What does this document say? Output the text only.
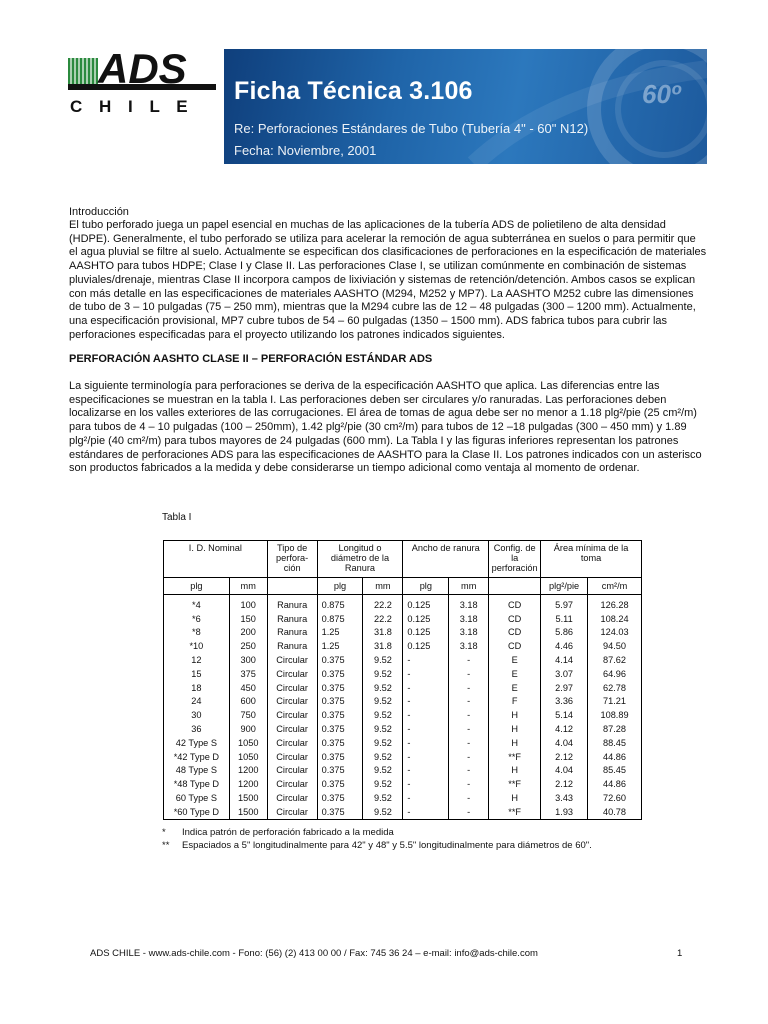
ADS
C H I L E
Ficha Técnica 3.106	60º
Re: Perforaciones Estándares de Tubo (Tubería 4" - 60" N12)
Fecha: Noviembre, 2001
Introducción
El tubo perforado juega un papel esencial en muchas de las aplicaciones de la tubería ADS de polietileno de alta densidad (HDPE). Generalmente, el tubo perforado se utiliza para acelerar la remoción de agua subterránea en suelos o para permitir que el agua pluvial se filtre al suelo. Actualmente se especifican dos clasificaciones de perforaciones en la especificación de materiales AASHTO para tubos HDPE; Clase I y Clase II. Las perforaciones Clase I, se utilizan comúnmente en combinación de sistemas pluviales/drenaje, mientras Clase II incorpora campos de lixiviación y sistemas de retención/detención. Ambos casos se explican con más detalle en las especificaciones de materiales AASHTO (M294, M252 y MP7). La AASHTO M252 cubre las dimensiones de tubo de 3 – 10 pulgadas (75 – 250 mm), mientras que la M294 cubre las de 12 – 48 pulgadas (300 – 1200 mm). Actualmente, una especificación provisional, MP7 cubre tubos de 54 – 60 pulgadas (1350 – 1500 mm). ADS fabrica tubos para cubrir las perforaciones especificadas para el proyecto utilizando los patrones indicados siguientes.
PERFORACIÓN AASHTO CLASE II – PERFORACIÓN ESTÁNDAR ADS
La siguiente terminología para perforaciones se deriva de la especificación AASHTO que aplica. Las diferencias entre las especificaciones se muestran en la tabla I. Las perforaciones deben ser circulares y/o ranuradas. Las perforaciones deben localizarse en los valles exteriores de las corrugaciones. El área de tomas de agua debe ser no menor a 1.18 plg²/pie (25 cm²/m) para tubos de 4 – 10 pulgadas (100 – 250mm), 1.42 plg²/pie (30 cm²/m) para tubos de 12 –18 pulgadas (300 – 450 mm) y 1.89 plg²/pie (40 cm²/m) para tubos mayores de 24 pulgadas (600 mm). La Tabla I y las figuras inferiores representan los patrones estándares de perforaciones ADS para las especificaciones de AASHTO para la Clase II. Los patrones indicados con un asterisco son productos fabricados a la medida y debe considerarse un tiempo adicional como ventaja al momento de ordenar.
Tabla I
I. D. Nominal		Tipo de perfora-ción	Longitud o diámetro de la Ranura		Ancho de ranura		Config. de la perforación	Área mínima de la toma	
plg	mm		plg	mm	plg	mm		plg²/pie	cm²/m
*4	100	Ranura	0.875	22.2	0.125	3.18	CD	5.97	126.28
*6	150	Ranura	0.875	22.2	0.125	3.18	CD	5.11	108.24
*8	200	Ranura	1.25	31.8	0.125	3.18	CD	5.86	124.03
*10	250	Ranura	1.25	31.8	0.125	3.18	CD	4.46	94.50
12	300	Circular	0.375	9.52	-	-	E	4.14	87.62
15	375	Circular	0.375	9.52	-	-	E	3.07	64.96
18	450	Circular	0.375	9.52	-	-	E	2.97	62.78
24	600	Circular	0.375	9.52	-	-	F	3.36	71.21
30	750	Circular	0.375	9.52	-	-	H	5.14	108.89
36	900	Circular	0.375	9.52	-	-	H	4.12	87.28
42 Type S	1050	Circular	0.375	9.52	-	-	H	4.04	88.45
*42 Type D	1050	Circular	0.375	9.52	-	-	**F	2.12	44.86
48 Type S	1200	Circular	0.375	9.52	-	-	H	4.04	85.45
*48 Type D	1200	Circular	0.375	9.52	-	-	**F	2.12	44.86
60 Type S	1500	Circular	0.375	9.52	-	-	H	3.43	72.60
*60 Type D	1500	Circular	0.375	9.52	-	-	**F	1.93	40.78
* Indica patrón de perforación fabricado a la medida
** Espaciados a 5" longitudinalmente para 42" y 48" y 5.5" longitudinalmente para diámetros de 60".
ADS CHILE - www.ads-chile.com - Fono: (56) (2) 413 00 00 / Fax: 745 36 24 – e-mail: info@ads-chile.com	1
